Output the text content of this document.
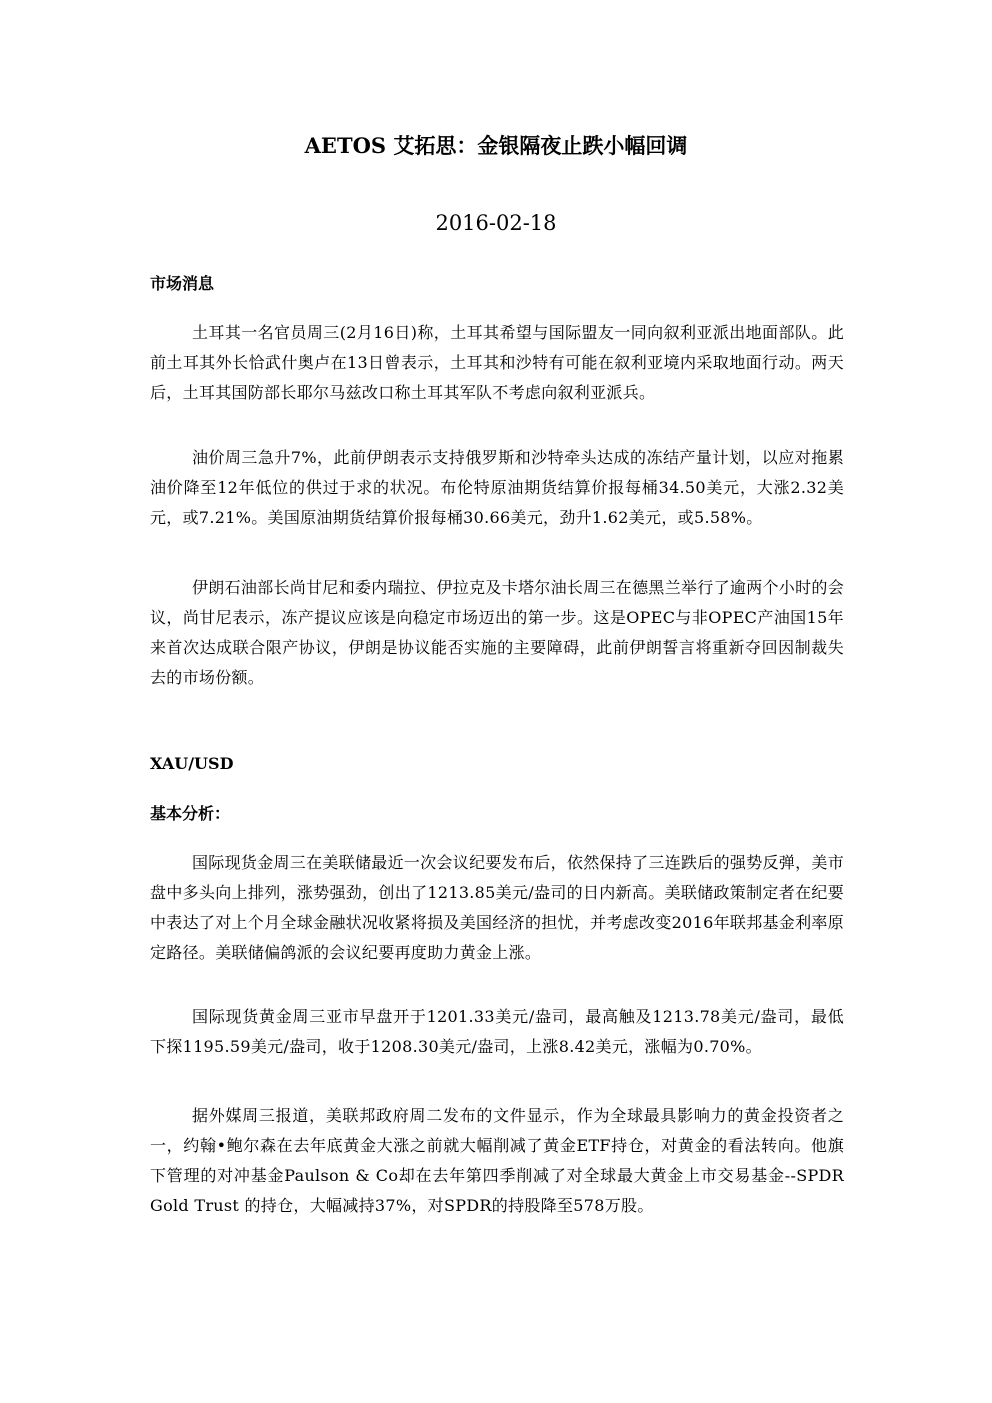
AETOS 艾拓思：金银隔夜止跌小幅回调
2016-02-18
市场消息

土耳其一名官员周三(2月16日)称，土耳其希望与国际盟友一同向叙利亚派出地面部队。此前土耳其外长恰武什奥卢在13日曾表示，土耳其和沙特有可能在叙利亚境内采取地面行动。两天后，土耳其国防部长耶尔马兹改口称土耳其军队不考虑向叙利亚派兵。

油价周三急升7%，此前伊朗表示支持俄罗斯和沙特牵头达成的冻结产量计划，以应对拖累油价降至12年低位的供过于求的状况。布伦特原油期货结算价报每桶34.50美元，大涨2.32美元，或7.21%。美国原油期货结算价报每桶30.66美元，劲升1.62美元，或5.58%。

伊朗石油部长尚甘尼和委内瑞拉、伊拉克及卡塔尔油长周三在德黑兰举行了逾两个小时的会议，尚甘尼表示，冻产提议应该是向稳定市场迈出的第一步。这是OPEC与非OPEC产油国15年来首次达成联合限产协议，伊朗是协议能否实施的主要障碍，此前伊朗誓言将重新夺回因制裁失去的市场份额。

XAU/USD
基本分析：

国际现货金周三在美联储最近一次会议纪要发布后，依然保持了三连跌后的强势反弹，美市盘中多头向上排列，涨势强劲，创出了1213.85美元/盎司的日内新高。美联储政策制定者在纪要中表达了对上个月全球金融状况收紧将损及美国经济的担忧，并考虑改变2016年联邦基金利率原定路径。美联储偏鸽派的会议纪要再度助力黄金上涨。

国际现货黄金周三亚市早盘开于1201.33美元/盎司，最高触及1213.78美元/盎司，最低下探1195.59美元/盎司，收于1208.30美元/盎司，上涨8.42美元，涨幅为0.70%。

据外媒周三报道，美联邦政府周二发布的文件显示，作为全球最具影响力的黄金投资者之一，约翰•鲍尔森在去年底黄金大涨之前就大幅削减了黄金ETF持仓，对黄金的看法转向。他旗下管理的对冲基金Paulson & Co却在去年第四季削减了对全球最大黄金上市交易基金--SPDR Gold Trust 的持仓，大幅减持37%，对SPDR的持股降至578万股。
